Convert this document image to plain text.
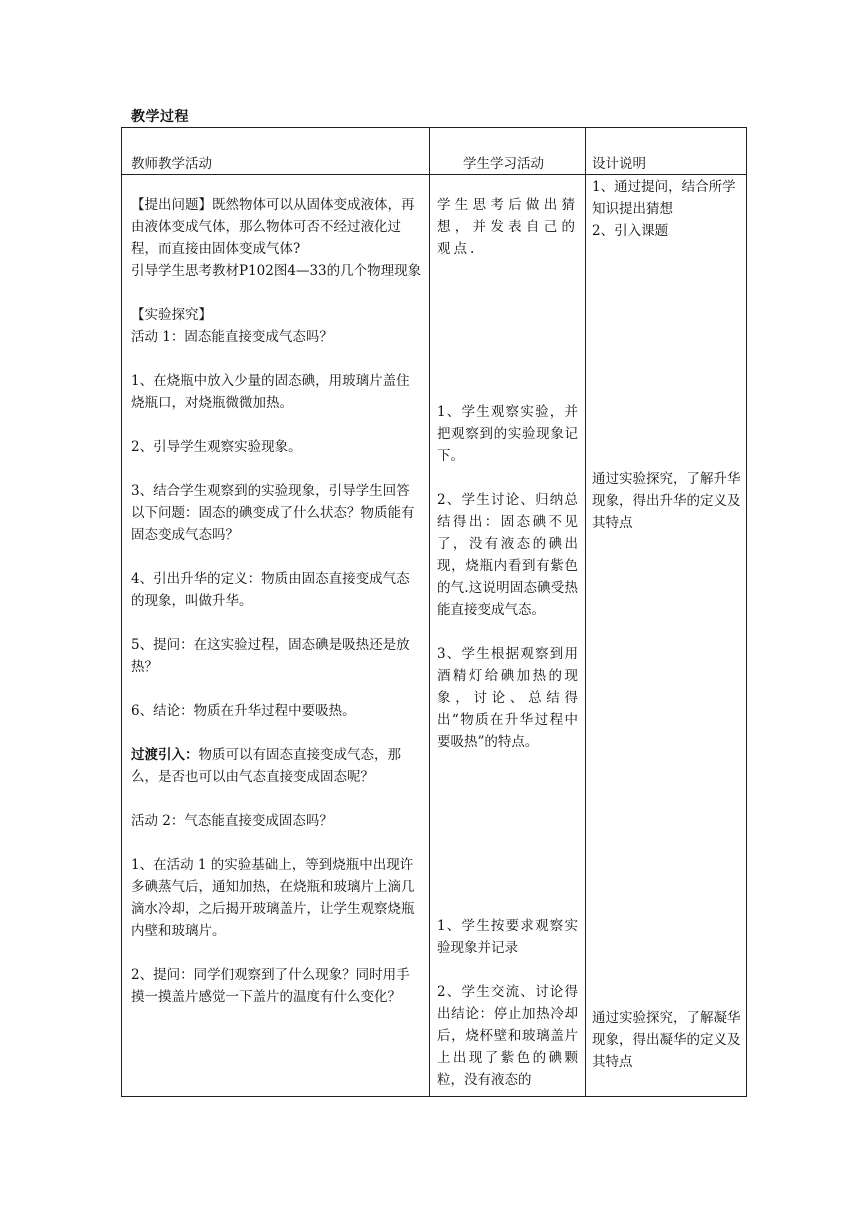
教学过程
教师教学活动	学生学习活动	设计说明

【提出问题】既然物体可以从固体变成液体，再由液体变成气体，那么物体可否不经过液化过程，而直接由固体变成气体?

引导学生思考教材P102图4—33的几个物理现象

【实验探究】

活动 1：固态能直接变成气态吗？

1、在烧瓶中放入少量的固态碘，用玻璃片盖住烧瓶口，对烧瓶微微加热。

2、引导学生观察实验现象。

3、结合学生观察到的实验现象，引导学生回答以下问题：固态的碘变成了什么状态？物质能有固态变成气态吗？

4、引出升华的定义：物质由固态直接变成气态的现象，叫做升华。

5、提问：在这实验过程，固态碘是吸热还是放热？

6、结论：物质在升华过程中要吸热。

过渡引入：物质可以有固态直接变成气态，那么，是否也可以由气态直接变成固态呢？

活动 2：气态能直接变成固态吗？

1、在活动 1 的实验基础上，等到烧瓶中出现许多碘蒸气后，通知加热，在烧瓶和玻璃片上滴几滴水冷却，之后揭开玻璃盖片，让学生观察烧瓶内壁和玻璃片。

2、提问：同学们观察到了什么现象？同时用手摸一摸盖片感觉一下盖片的温度有什么变化？

学生思考后做出猜想，并发表自己的观点.

1、学生观察实验，并把观察到的实验现象记下。

2、学生讨论、归纳总结得出：固态碘不见了，没有液态的碘出现，烧瓶内看到有紫色的气.这说明固态碘受热能直接变成气态。

3、学生根据观察到用酒精灯给碘加热的现象，讨论、总结得出“物质在升华过程中要吸热”的特点。

1、学生按要求观察实验现象并记录

2、学生交流、讨论得出结论：停止加热冷却后，烧杯壁和玻璃盖片上出现了紫色的碘颗粒，没有液态的

1、通过提问，结合所学知识提出猜想

2、引入课题

通过实验探究，了解升华现象，得出升华的定义及其特点

通过实验探究，了解凝华现象，得出凝华的定义及其特点
